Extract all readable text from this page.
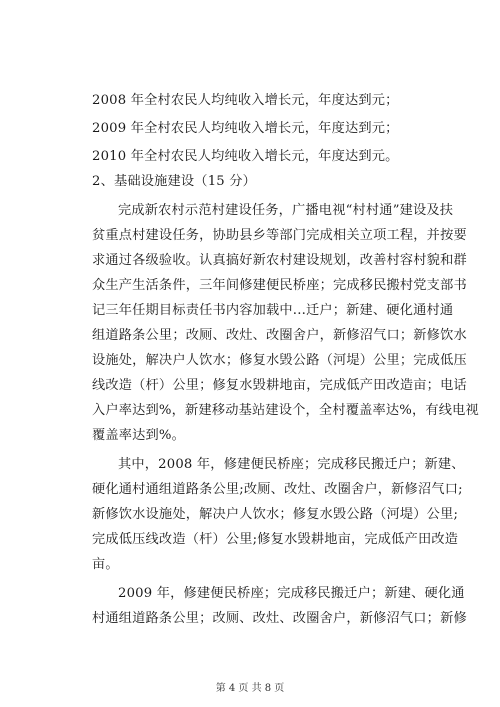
2008 年全村农民人均纯收入增长元，年度达到元；
2009 年全村农民人均纯收入增长元，年度达到元；
2010 年全村农民人均纯收入增长元，年度达到元。
2、基础设施建设（15 分）
完成新农村示范村建设任务，广播电视“村村通”建设及扶
贫重点村建设任务，协助县乡等部门完成相关立项工程，并按要
求通过各级验收。认真搞好新农村建设规划，改善村容村貌和群
众生产生活条件，三年间修建便民桥座；完成移民搬村党支部书
记三年任期目标责任书内容加载中...迁户；新建、硬化通村通
组道路条公里；改厕、改灶、改圈舍户，新修沼气口；新修饮水
设施处，解决户人饮水；修复水毁公路（河堤）公里；完成低压
线改造（杆）公里；修复水毁耕地亩，完成低产田改造亩；电话
入户率达到%，新建移动基站建设个，全村覆盖率达%，有线电视
覆盖率达到%。
其中，2008 年，修建便民桥座；完成移民搬迁户；新建、
硬化通村通组道路条公里;改厕、改灶、改圈舍户，新修沼气口;
新修饮水设施处，解决户人饮水；修复水毁公路（河堤）公里;
完成低压线改造（杆）公里;修复水毁耕地亩，完成低产田改造
亩。
2009 年，修建便民桥座；完成移民搬迁户；新建、硬化通
村通组道路条公里；改厕、改灶、改圈舍户，新修沼气口；新修
第 4 页 共 8 页
